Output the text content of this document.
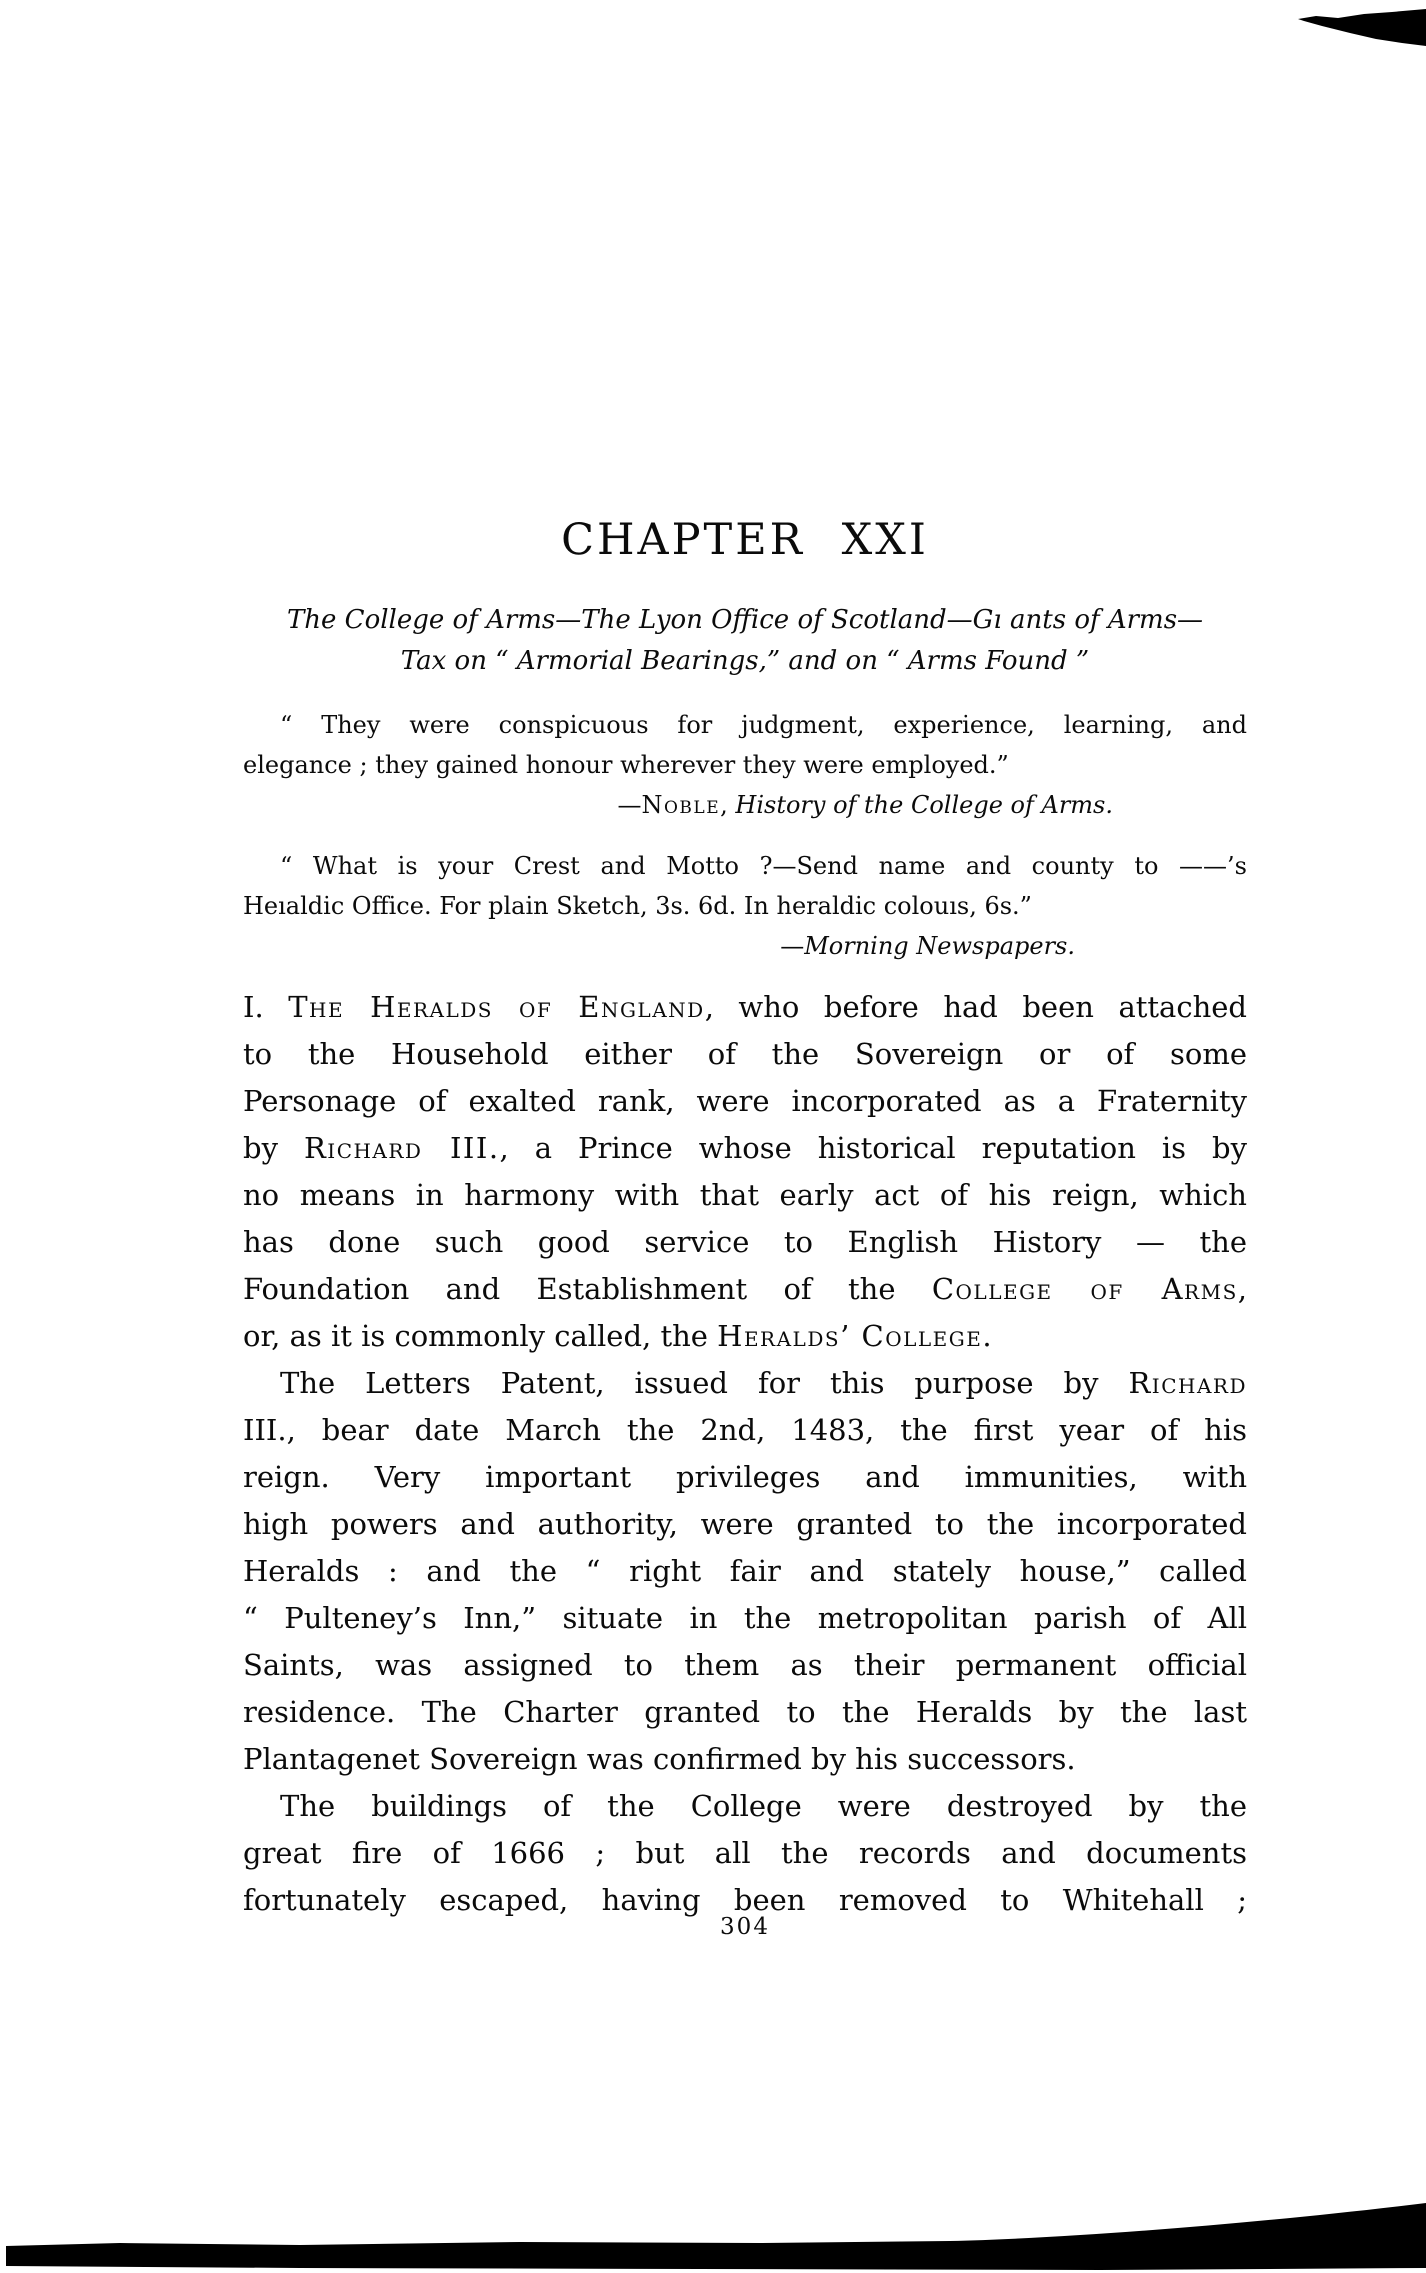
CHAPTER XXI
The College of Arms—The Lyon Office of Scotland—Gı ants of Arms—
Tax on “ Armorial Bearings,” and on “ Arms Found ”
“ They were conspicuous for judgment, experience, learning, and
elegance ; they gained honour wherever they were employed.”
—Noble, History of the College of Arms.
“ What is your Crest and Motto ?—Send name and county to ——’s
Heıaldic Office. For plain Sketch, 3s. 6d. In heraldic colouıs, 6s.”
—Morning Newspapers.
I. The Heralds of England, who before had been attached
to the Household either of the Sovereign or of some
Personage of exalted rank, were incorporated as a Fraternity
by Richard III., a Prince whose historical reputation is by
no means in harmony with that early act of his reign, which
has done such good service to English History — the
Foundation and Establishment of the College of Arms,
or, as it is commonly called, the Heralds’ College.
The Letters Patent, issued for this purpose by Richard
III., bear date March the 2nd, 1483, the first year of his
reign. Very important privileges and immunities, with
high powers and authority, were granted to the incorporated
Heralds : and the “ right fair and stately house,” called
“ Pulteney’s Inn,” situate in the metropolitan parish of All
Saints, was assigned to them as their permanent official
residence. The Charter granted to the Heralds by the last
Plantagenet Sovereign was confirmed by his successors.
The buildings of the College were destroyed by the
great fire of 1666 ; but all the records and documents
fortunately escaped, having been removed to Whitehall ;
304
